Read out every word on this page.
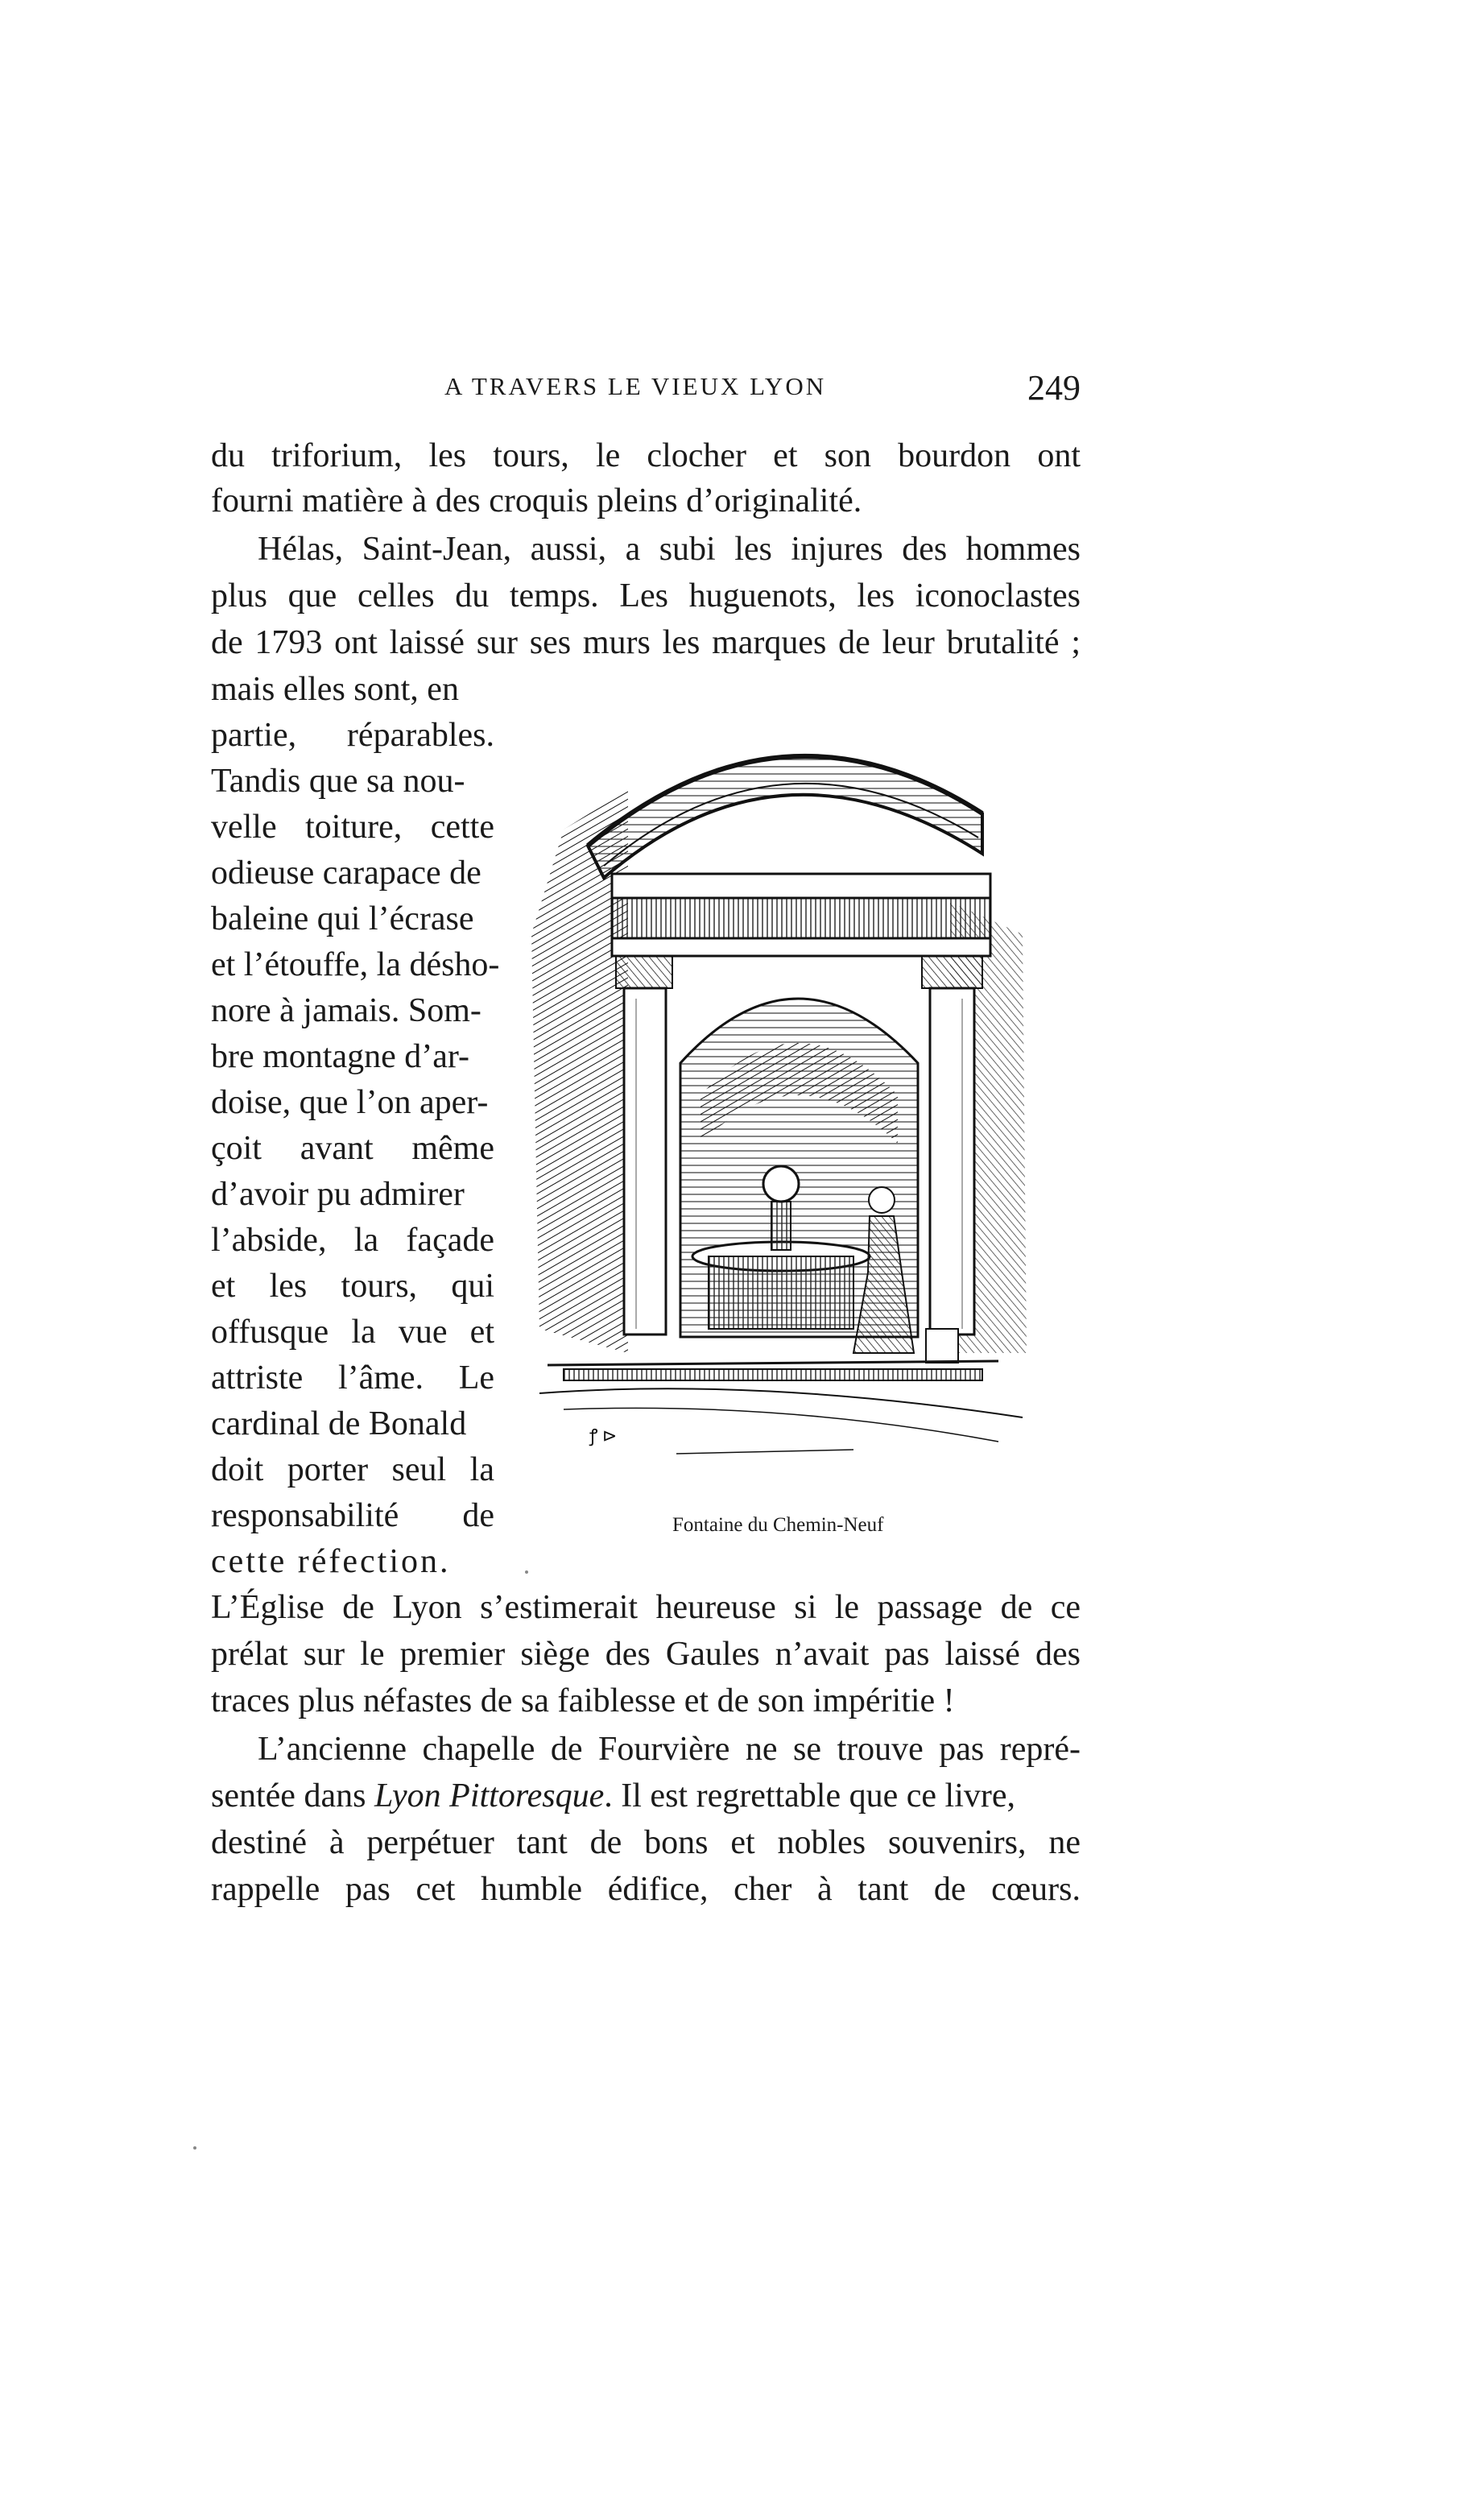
A TRAVERS LE VIEUX LYON	249
du triforium, les tours, le clocher et son bourdon ont
fourni matière à des croquis pleins d’originalité.
Hélas, Saint-Jean, aussi, a subi les injures des hommes
plus que celles du temps. Les huguenots, les iconoclastes
de 1793 ont laissé sur ses murs les marques de leur brutalité ;
mais elles sont, en
partie, réparables.
Tandis que sa nou-
velle toiture, cette
odieuse carapace de
baleine qui l’écrase
et l’étouffe, la désho-
nore à jamais. Som-
bre montagne d’ar-
doise, que l’on aper-
çoit avant même
d’avoir pu admirer
l’abside, la façade
et les tours, qui
offusque la vue et
attriste l’âme. Le
cardinal de Bonald
doit porter seul la
responsabilité de
cette réfection.
L’Église de Lyon s’estimerait heureuse si le passage de ce
prélat sur le premier siège des Gaules n’avait pas laissé des
traces plus néfastes de sa faiblesse et de son impéritie !
L’ancienne chapelle de Fourvière ne se trouve pas repré-
sentée dans Lyon Pittoresque. Il est regrettable que ce livre,
destiné à perpétuer tant de bons et nobles souvenirs, ne
rappelle pas cet humble édifice, cher à tant de cœurs.
ꝭ ⊳
Fontaine du Chemin-Neuf
